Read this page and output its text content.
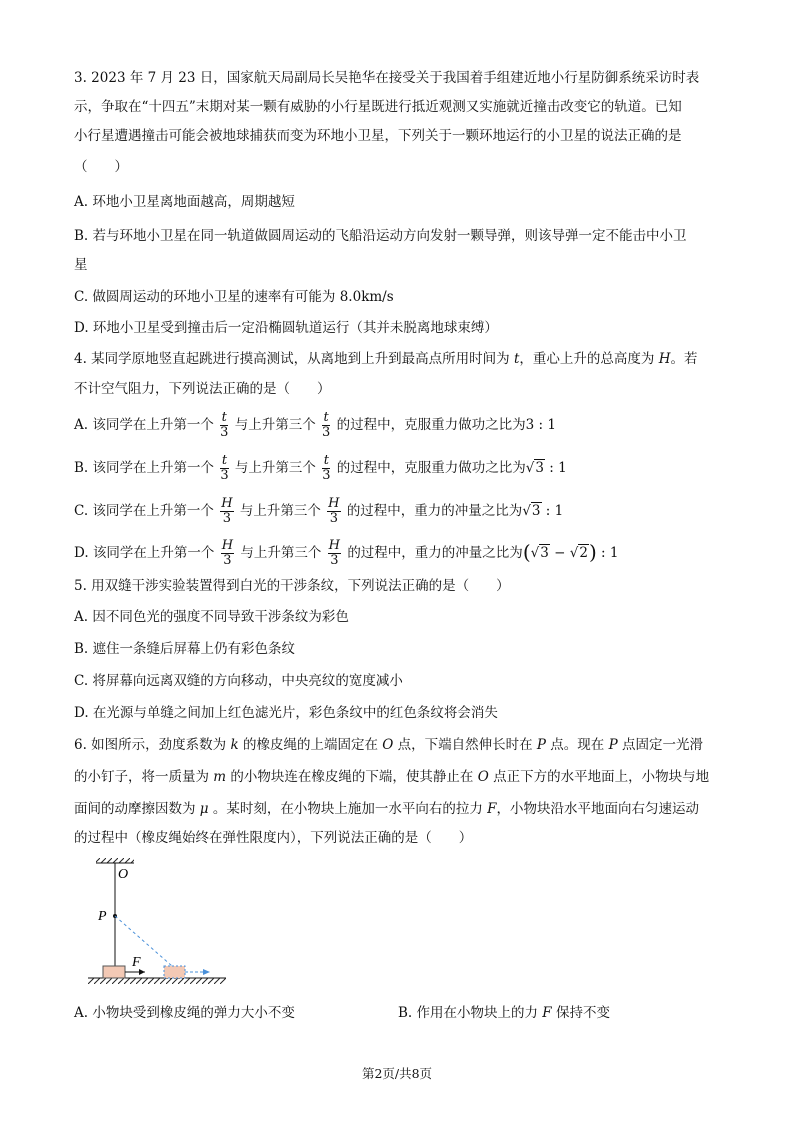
3. 2023 年 7 月 23 日，国家航天局副局长吴艳华在接受关于我国着手组建近地小行星防御系统采访时表
示，争取在“十四五”末期对某一颗有威胁的小行星既进行抵近观测又实施就近撞击改变它的轨道。已知
小行星遭遇撞击可能会被地球捕获而变为环地小卫星，下列关于一颗环地运行的小卫星的说法正确的是
（　　）
A. 环地小卫星离地面越高，周期越短
B. 若与环地小卫星在同一轨道做圆周运动的飞船沿运动方向发射一颗导弹，则该导弹一定不能击中小卫
星
C. 做圆周运动的环地小卫星的速率有可能为 8.0km/s
D. 环地小卫星受到撞击后一定沿椭圆轨道运行（其并未脱离地球束缚）
4. 某同学原地竖直起跳进行摸高测试，从离地到上升到最高点所用时间为 t，重心上升的总高度为 H。若
不计空气阻力，下列说法正确的是（　　）
A. 该同学在上升第一个 $\frac{t}{3}$ 与上升第三个 $\frac{t}{3}$ 的过程中，克服重力做功之比为3 : 1
B. 该同学在上升第一个 $\frac{t}{3}$ 与上升第三个 $\frac{t}{3}$ 的过程中，克服重力做功之比为√3 : 1
C. 该同学在上升第一个 $\frac{H}{3}$ 与上升第三个 $\frac{H}{3}$ 的过程中，重力的冲量之比为√3 : 1
D. 该同学在上升第一个 $\frac{H}{3}$ 与上升第三个 $\frac{H}{3}$ 的过程中，重力的冲量之比为(√3 − √2) : 1
5. 用双缝干涉实验装置得到白光的干涉条纹，下列说法正确的是（　　）
A. 因不同色光的强度不同导致干涉条纹为彩色
B. 遮住一条缝后屏幕上仍有彩色条纹
C. 将屏幕向远离双缝的方向移动，中央亮纹的宽度减小
D. 在光源与单缝之间加上红色滤光片，彩色条纹中的红色条纹将会消失
6. 如图所示，劲度系数为 k 的橡皮绳的上端固定在 O 点，下端自然伸长时在 P 点。现在 P 点固定一光滑
的小钉子，将一质量为 m 的小物块连在橡皮绳的下端，使其静止在 O 点正下方的水平地面上，小物块与地
面间的动摩擦因数为 μ 。某时刻，在小物块上施加一水平向右的拉力 F，小物块沿水平地面向右匀速运动
的过程中（橡皮绳始终在弹性限度内），下列说法正确的是（　　）
O
P
F
A. 小物块受到橡皮绳的弹力大小不变	B. 作用在小物块上的力 F 保持不变
第2页/共8页
